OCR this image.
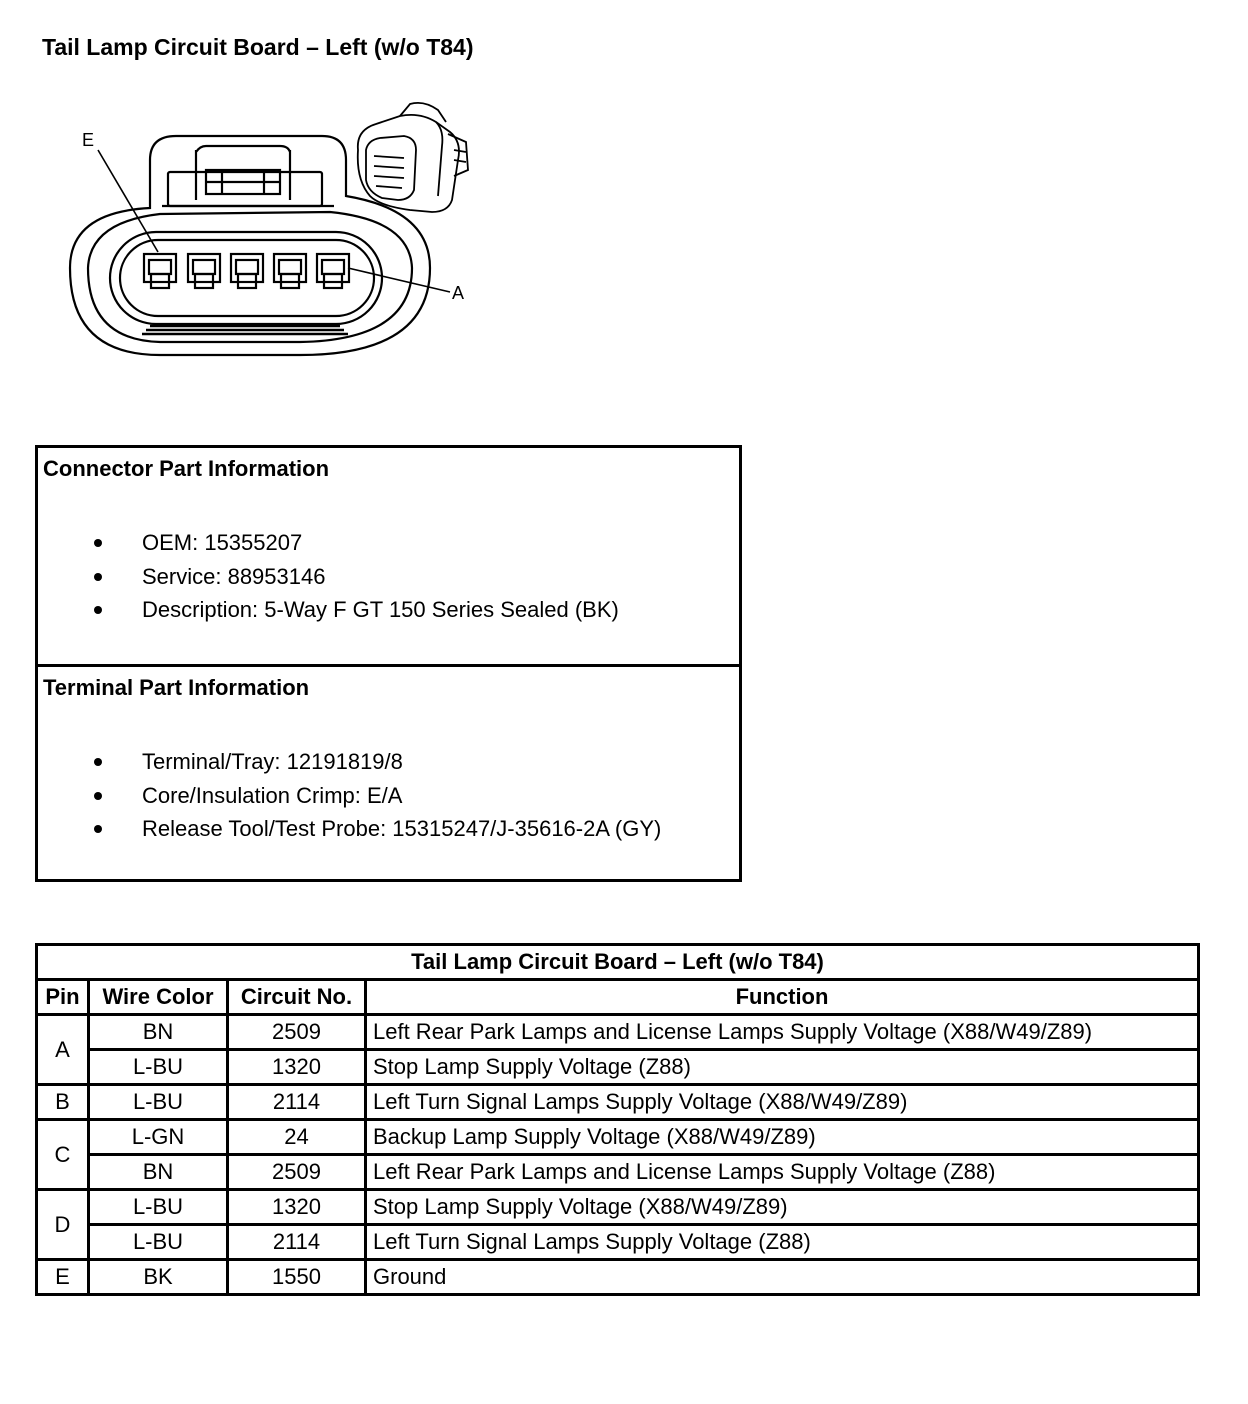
Tail Lamp Circuit Board – Left (w/o T84)
E
A
Connector Part Information
OEM: 15355207
Service: 88953146
Description: 5-Way F GT 150 Series Sealed (BK)
Terminal Part Information
Terminal/Tray: 12191819/8
Core/Insulation Crimp: E/A
Release Tool/Test Probe: 15315247/J-35616-2A (GY)
Tail Lamp Circuit Board – Left (w/o T84)			
Pin	Wire Color	Circuit No.	Function
A	BN	2509	Left Rear Park Lamps and License Lamps Supply Voltage (X88/W49/Z89)
	L-BU	1320	Stop Lamp Supply Voltage (Z88)
B	L-BU	2114	Left Turn Signal Lamps Supply Voltage (X88/W49/Z89)
C	L-GN	24	Backup Lamp Supply Voltage (X88/W49/Z89)
	BN	2509	Left Rear Park Lamps and License Lamps Supply Voltage (Z88)
D	L-BU	1320	Stop Lamp Supply Voltage (X88/W49/Z89)
	L-BU	2114	Left Turn Signal Lamps Supply Voltage (Z88)
E	BK	1550	Ground
